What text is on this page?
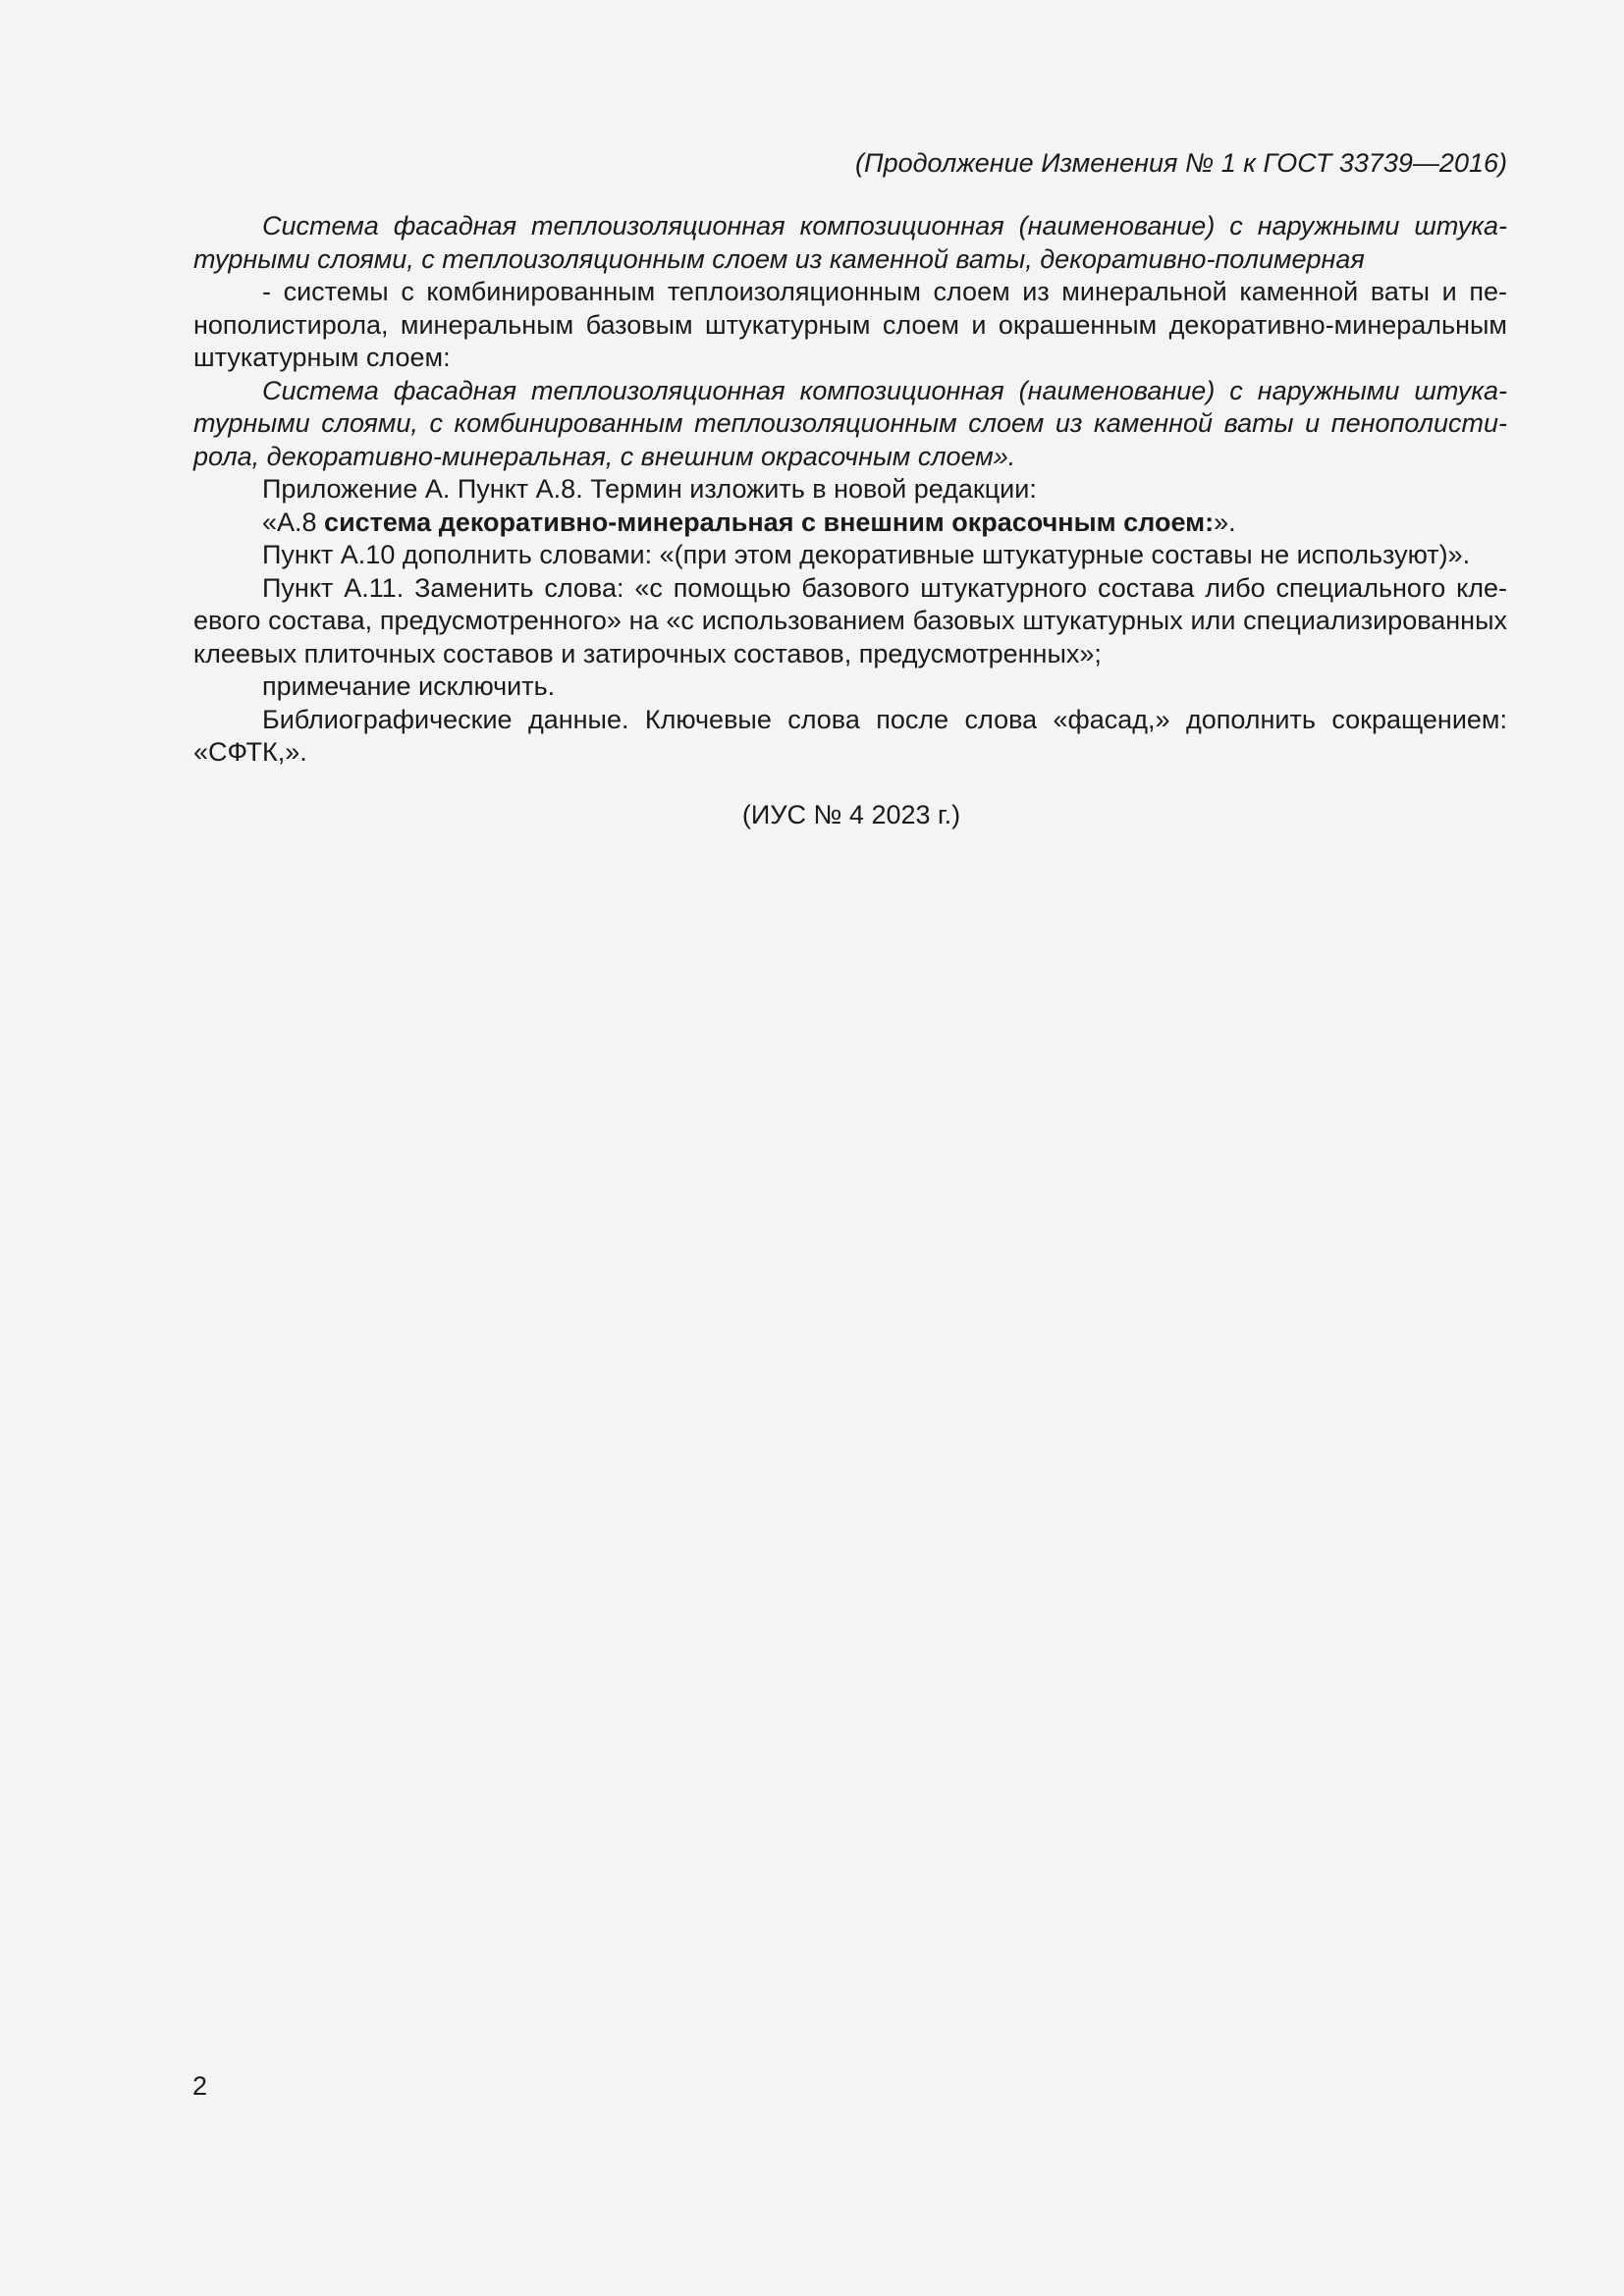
(Продолжение Изменения № 1 к ГОСТ 33739—2016)

Система фасадная теплоизоляционная композиционная (наименование) с наружными штукатурными слоями, с теплоизоляционным слоем из каменной ваты, декоративно-полимерная

- системы с комбинированным теплоизоляционным слоем из минеральной каменной ваты и пенополистирола, минеральным базовым штукатурным слоем и окрашенным декоративно-минеральным штукатурным слоем:

Система фасадная теплоизоляционная композиционная (наименование) с наружными штукатурными слоями, с комбинированным теплоизоляционным слоем из каменной ваты и пенополистирола, декоративно-минеральная, с внешним окрасочным слоем».

Приложение А. Пункт А.8. Термин изложить в новой редакции:

«А.8 система декоративно-минеральная с внешним окрасочным слоем:».

Пункт А.10 дополнить словами: «(при этом декоративные штукатурные составы не используют)».

Пункт А.11. Заменить слова: «с помощью базового штукатурного состава либо специального клеевого состава, предусмотренного» на «с использованием базовых штукатурных или специализированных клеевых плиточных составов и затирочных составов, предусмотренных»;

примечание исключить.

Библиографические данные. Ключевые слова после слова «фасад,» дополнить сокращением: «СФТК,».

(ИУС № 4 2023 г.)
2
